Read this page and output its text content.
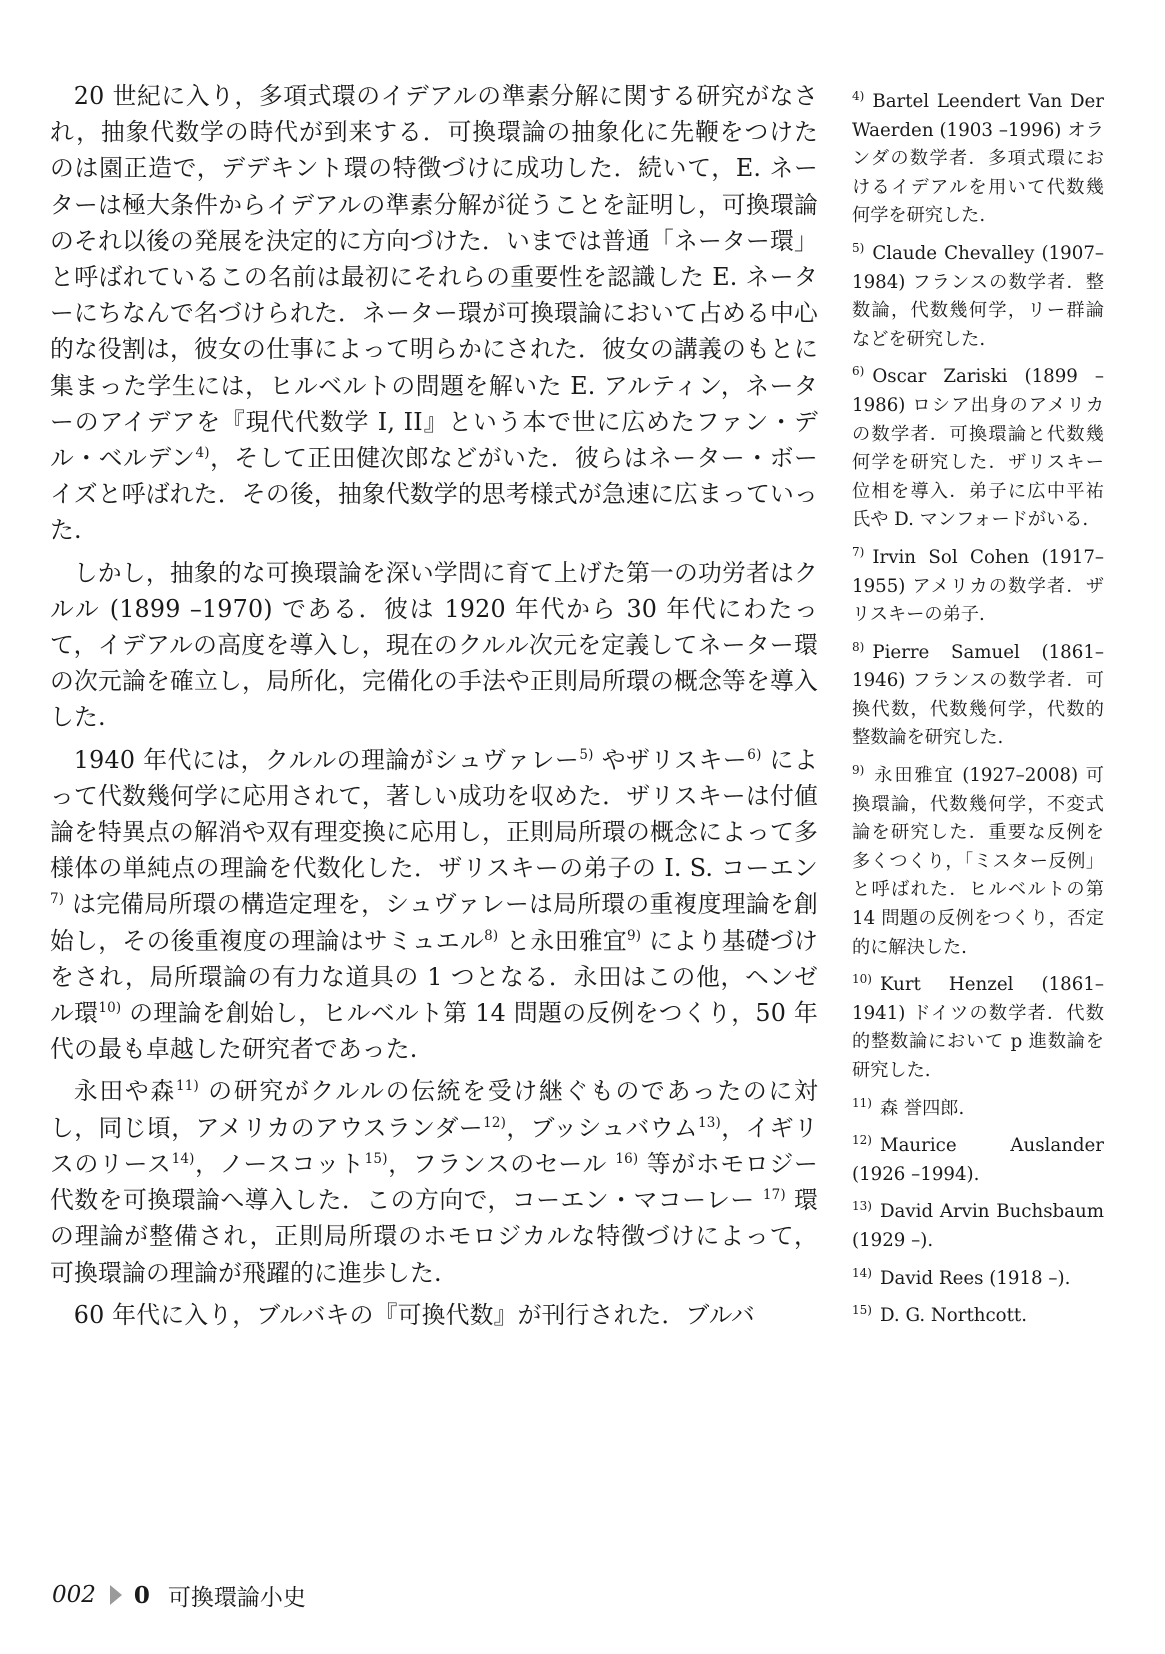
20 世紀に入り，多項式環のイデアルの準素分解に関する研究がなされ，抽象代数学の時代が到来する．可換環論の抽象化に先鞭をつけたのは園正造で，デデキント環の特徴づけに成功した．続いて，E. ネーターは極大条件からイデアルの準素分解が従うことを証明し，可換環論のそれ以後の発展を決定的に方向づけた．いまでは普通「ネーター環」と呼ばれているこの名前は最初にそれらの重要性を認識した E. ネーターにちなんで名づけられた．ネーター環が可換環論において占める中心的な役割は，彼女の仕事によって明らかにされた．彼女の講義のもとに集まった学生には，ヒルベルトの問題を解いた E. アルティン，ネーターのアイデアを『現代代数学 I, II』という本で世に広めたファン・デル・ベルデン$^{4)}$，そして正田健次郎などがいた．彼らはネーター・ボーイズと呼ばれた．その後，抽象代数学的思考様式が急速に広まっていった.

しかし，抽象的な可換環論を深い学問に育て上げた第一の功労者はクルル (1899 –1970) である．彼は 1920 年代から 30 年代にわたって，イデアルの高度を導入し，現在のクルル次元を定義してネーター環の次元論を確立し，局所化，完備化の手法や正則局所環の概念等を導入した.

1940 年代には，クルルの理論がシュヴァレー$^{5)}$ やザリスキー$^{6)}$ によって代数幾何学に応用されて，著しい成功を収めた．ザリスキーは付値論を特異点の解消や双有理変換に応用し，正則局所環の概念によって多様体の単純点の理論を代数化した．ザリスキーの弟子の I. S. コーエン$^{7)}$ は完備局所環の構造定理を，シュヴァレーは局所環の重複度理論を創始し，その後重複度の理論はサミュエル$^{8)}$ と永田雅宜$^{9)}$ により基礎づけをされ，局所環論の有力な道具の 1 つとなる．永田はこの他，ヘンゼル環$^{10)}$ の理論を創始し，ヒルベルト第 14 問題の反例をつくり，50 年代の最も卓越した研究者であった.

永田や森$^{11)}$ の研究がクルルの伝統を受け継ぐものであったのに対し，同じ頃，アメリカのアウスランダー$^{12)}$，ブッシュバウム$^{13)}$，イギリスのリース$^{14)}$，ノースコット$^{15)}$，フランスのセール $^{16)}$ 等がホモロジー代数を可換環論へ導入した．この方向で，コーエン・マコーレー $^{17)}$ 環の理論が整備され，正則局所環のホモロジカルな特徴づけによって，可換環論の理論が飛躍的に進歩した.

60 年代に入り，ブルバキの『可換代数』が刊行された．ブルバ

$^{4)}$ Bartel Leendert Van Der Waerden (1903 –1996) オランダの数学者．多項式環におけるイデアルを用いて代数幾何学を研究した.
$^{5)}$ Claude Chevalley (1907–1984) フランスの数学者．整数論，代数幾何学，リー群論などを研究した.
$^{6)}$ Oscar Zariski (1899 –1986) ロシア出身のアメリカの数学者．可換環論と代数幾何学を研究した．ザリスキー位相を導入．弟子に広中平祐氏や D. マンフォードがいる.
$^{7)}$ Irvin Sol Cohen (1917–1955) アメリカの数学者．ザリスキーの弟子.
$^{8)}$ Pierre Samuel (1861–1946) フランスの数学者．可換代数，代数幾何学，代数的整数論を研究した.
$^{9)}$ 永田雅宜 (1927–2008) 可換環論，代数幾何学，不変式論を研究した．重要な反例を多くつくり，「ミスター反例」と呼ばれた．ヒルベルトの第 14 問題の反例をつくり，否定的に解決した.
$^{10)}$ Kurt Henzel (1861–1941) ドイツの数学者．代数的整数論において p 進数論を研究した.
$^{11)}$ 森 誉四郎.
$^{12)}$ Maurice Auslander (1926 –1994).
$^{13)}$ David Arvin Buchsbaum (1929 –).
$^{14)}$ David Rees (1918 –).
$^{15)}$ D. G. Northcott.
002 0 可換環論小史
